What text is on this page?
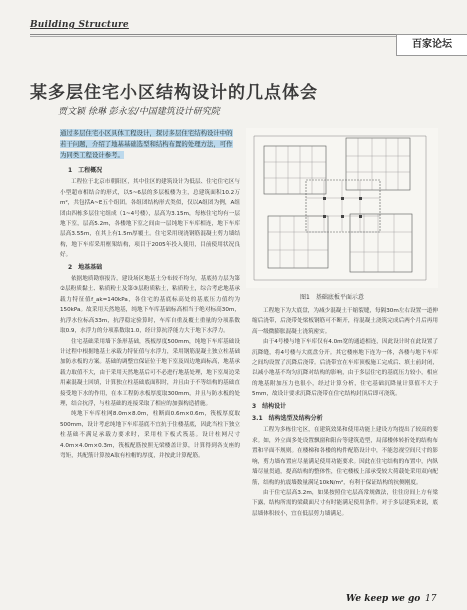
Building Structure
百家论坛
某多层住宅小区结构设计的几点体会
贾文颖 徐琳 彭永宏/中国建筑设计研究院
通过多层住宅小区具体工程设计，探讨多层住宅结构设计中的若干问题，介绍了地基基础选型和结构布置的处理方法，可作为同类工程设计参考。
1　工程概况

工程位于北京市朝阳区，其中住区的建筑设计为低层、住宅住宅区与小型超市相结合的形式，以5~6层的多层板楼为主，总建筑面积10.2万m²，共包括A~E五个组团。各组团结构形式类似，仅以A组团为例，A组团由四栋多层住宅组成（1~4号楼），层高为3.15m，每栋住宅均有一层地下室，层高5.2m，各楼地下室之间由一层纯地下车库相连，地下车库层高3.55m，在其上有1.5m厚覆土。住宅采用现浇钢筋混凝土剪力墙结构，地下车库采用框架结构，项目于2005年投入使用，目前使用状况良好。

2　地基基础

依据地质勘察报告，建设场区地基土分布较不均匀，基底持力层为第②层粉质黏土、粘质粉土及第③层粉质粘土，粘质粉土，综合考虑地基承载力特征值f_ak=140kPa，各住宅的基底标高处的基底压力值约为150kPa。故采用天然地基，纯地下车库基础标高相当于绝对标高30m，抗浮水位标高33m，抗浮稳定验算时，车库自重及覆土重量的分项系数取0.9，水浮力的分项系数取1.0，经计算抗浮能力大于地下水浮力。

住宅基础采用墙下条形基础，筏板厚度500mm，纯地下车库基础设计过程中根据地基土承载力特征值与水浮力，采用钢筋混凝土独立柱基础加防水板的方案。基础的调整宜保证位于地下室及周边地面标高，地基承载力取值不大，由于采用天然地基后可不必进行地基处理，地下室周边采用素混凝土回填，计算独立柱基础底面积时，并且由于不等结构的基础直接受地下水的作用，在本工程防水板厚度取300mm，并且与防水板的处理，结合抗浮，与柱基础的连接采取了相应的加强构造措施。

纯地下车库柱网8.0m×8.0m，柱断面0.6m×0.6m，筏板厚度取500mm，设计考虑纯地下车库基底不宜抗于住楼基底，因此当柱下独立柱基础不满足承载力要求时，采用柱下板式筏基。设计柱网尺寸4.0m×4.0m×0.3m，筏板配筋按照无梁楼盖计算，计算得到各支座的弯矩，其配筋计算按A取有柱帽的厚度，并按此计算配筋。

图1　基础底板平面示意

工程地下为大底盘，为减少混凝土干缩裂缝，每隔30m左右设置一道伸缩后浇带，后浇带处梁板钢筋可不断开，待混凝土浇筑完成后两个月后再用高一级微膨胀混凝土浇筑密实。

由于4号楼与地下车库仅有4.0m宽的通道相连，因此设计时在此设置了沉降缝，将4号楼与大底盘分开。其它楼座地下连为一体，各楼与地下车库之间均设置了沉降后浇带。后浇带宜在车库顶板施工完成后、填土前封闭，以减小地基不均匀沉降对结构的影响，由于多层住宅的基底压力较小，相应的地基附加压力也很小，经过计算分析，住宅基础沉降量计算值不大于5mm，故设计要求沉降后浇带在住宅结构封顶后即可浇筑。

3　结构设计
3.1　结构选型及结构分析

工程为多栋住宅区，在建筑效果和使用功能上建设方均提出了较高的要求。如，外立面多处设置飘窗和阳台等建筑造型，局部楼体转折处的结构布置和平面不规则。在楼梯和各楼的构件配筋设计中，不能忽视空间尺寸的影响，剪力墙布置应尽量满足使用功能要求。因此在住宅结构的布置中，内纵墙尽量贯通，提高结构的整体性，住宅楼板上部承受较大荷载处采用双向配筋，结构的抗震墙数量满足10kN/m²，有利于保证结构的抗侧刚度。

由于住宅层高3.2m，如果按照住宅层高常规做法，往往房间上方有梁下露，结构所需的梁截面尺寸有时能满足使用条件。对于多层建筑来说，底层墙体积较小，宜在低层剪力墙满足。

We keep we go 17
